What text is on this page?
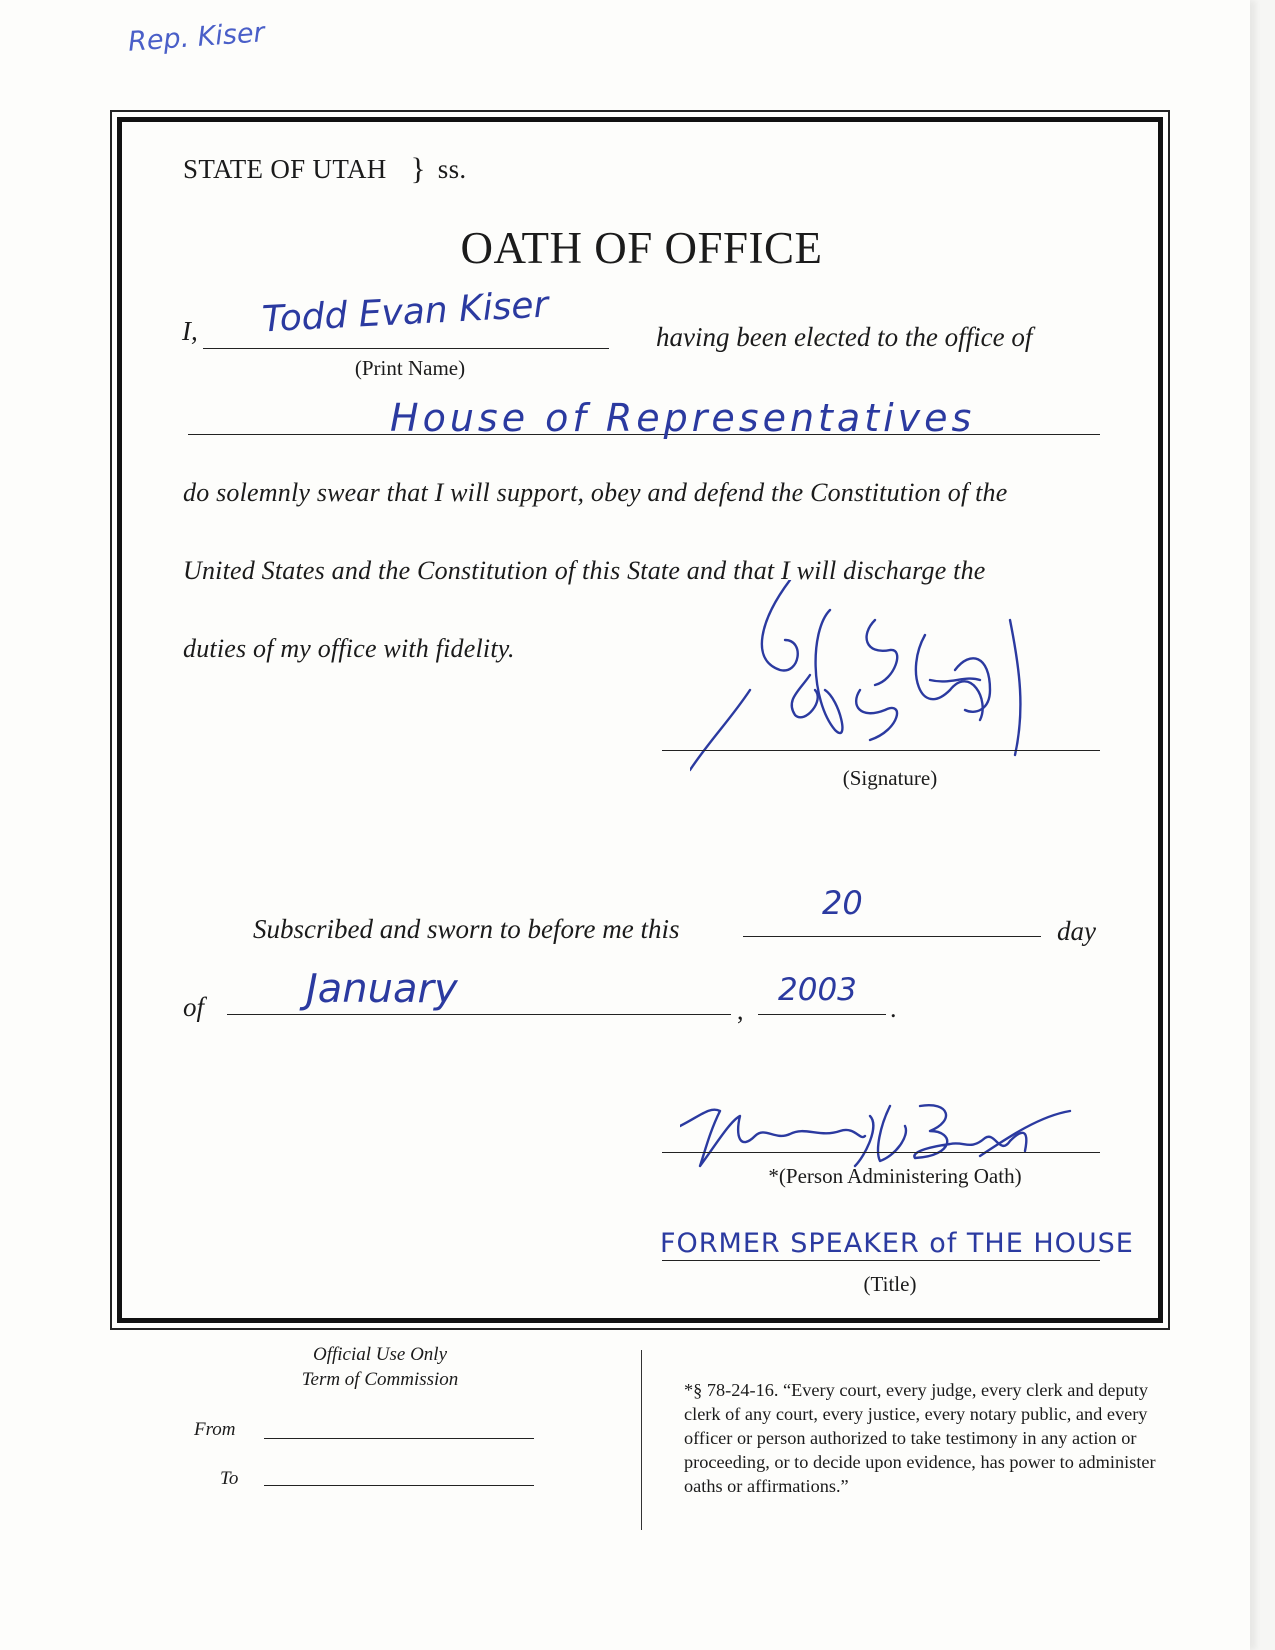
Rep. Kiser
STATE OF UTAH } ss.
OATH OF OFFICE
I, Todd Evan Kiser
(Print Name)
having been elected to the office of
House of Representatives
do solemnly swear that I will support, obey and defend the Constitution of the
United States and the Constitution of this State and that I will discharge the
duties of my office with fidelity.
(Signature)
Subscribed and sworn to before me this
20
day
of	January	,
2003
.
*(Person Administering Oath)
FORMER SPEAKER of THE HOUSE
(Title)
Official Use Only
Term of Commission
From
To

*§ 78-24-16. “Every court, every judge, every clerk and deputy clerk of any court, every justice, every notary public, and every officer or person authorized to take testimony in any action or proceeding, or to decide upon evidence, has power to administer oaths or affirmations.”
